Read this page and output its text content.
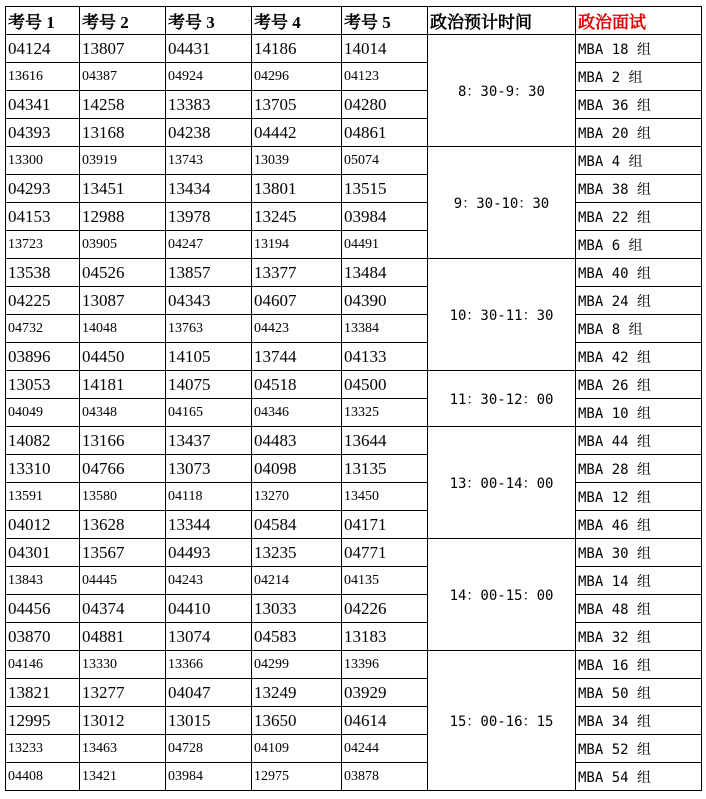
考号 1	考号 2	考号 3	考号 4	考号 5	政治预计时间	政治面试
04124	13807	04431	14186	14014	8：30-9：30	MBA 18 组
13616	04387	04924	04296	04123		MBA 2 组
04341	14258	13383	13705	04280		MBA 36 组
04393	13168	04238	04442	04861		MBA 20 组
13300	03919	13743	13039	05074	9：30-10：30	MBA 4 组
04293	13451	13434	13801	13515		MBA 38 组
04153	12988	13978	13245	03984		MBA 22 组
13723	03905	04247	13194	04491		MBA 6 组
13538	04526	13857	13377	13484	10：30-11：30	MBA 40 组
04225	13087	04343	04607	04390		MBA 24 组
04732	14048	13763	04423	13384		MBA 8 组
03896	04450	14105	13744	04133		MBA 42 组
13053	14181	14075	04518	04500	11：30-12：00	MBA 26 组
04049	04348	04165	04346	13325		MBA 10 组
14082	13166	13437	04483	13644	13：00-14：00	MBA 44 组
13310	04766	13073	04098	13135		MBA 28 组
13591	13580	04118	13270	13450		MBA 12 组
04012	13628	13344	04584	04171		MBA 46 组
04301	13567	04493	13235	04771	14：00-15：00	MBA 30 组
13843	04445	04243	04214	04135		MBA 14 组
04456	04374	04410	13033	04226		MBA 48 组
03870	04881	13074	04583	13183		MBA 32 组
04146	13330	13366	04299	13396	15：00-16：15	MBA 16 组
13821	13277	04047	13249	03929		MBA 50 组
12995	13012	13015	13650	04614		MBA 34 组
13233	13463	04728	04109	04244		MBA 52 组
04408	13421	03984	12975	03878		MBA 54 组
